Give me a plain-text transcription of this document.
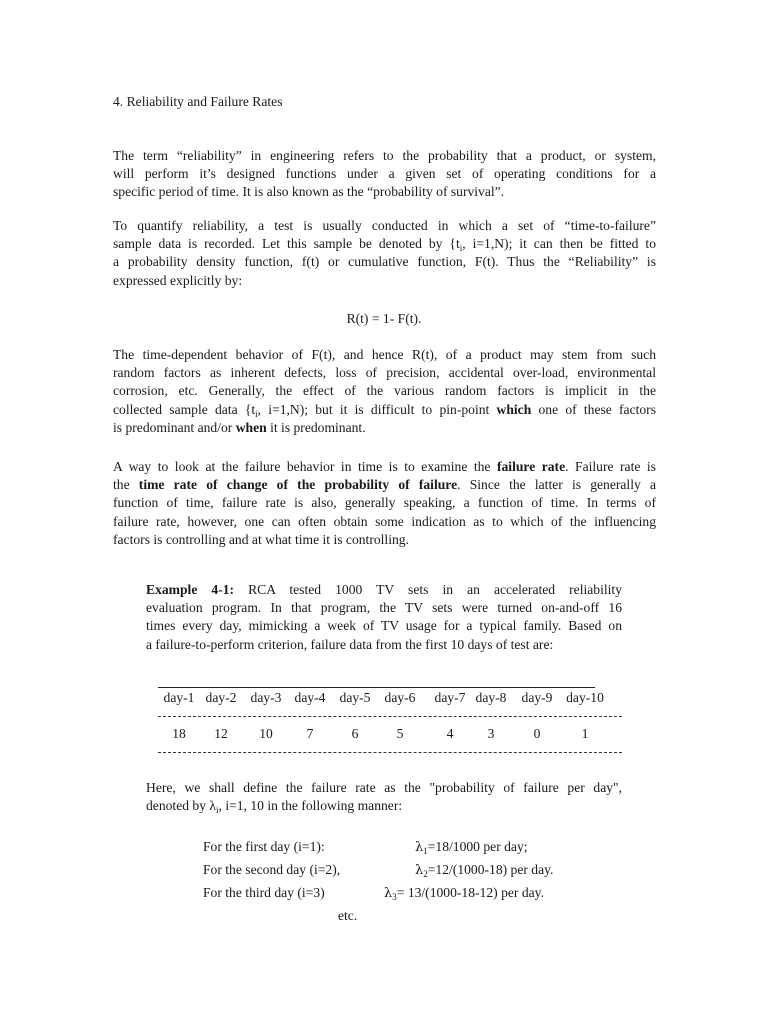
4. Reliability and Failure Rates
The term “reliability” in engineering refers to the probability that a product, or system,
will perform it’s designed functions under a given set of operating conditions for a
specific period of time. It is also known as the “probability of survival”.
To quantify reliability, a test is usually conducted in which a set of “time-to-failure”
sample data is recorded. Let this sample be denoted by {$t_i$, i=1,N); it can then be fitted to
a probability density function, f(t) or cumulative function, F(t). Thus the “Reliability” is
expressed explicitly by:
R(t) = 1- F(t).
The time-dependent behavior of F(t), and hence R(t), of a product may stem from such
random factors as inherent defects, loss of precision, accidental over-load, environmental
corrosion, etc. Generally, the effect of the various random factors is implicit in the
collected sample data {$t_i$, i=1,N); but it is difficult to pin-point which one of these factors
is predominant and/or when it is predominant.
A way to look at the failure behavior in time is to examine the failure rate. Failure rate is
the time rate of change of the probability of failure. Since the latter is generally a
function of time, failure rate is also, generally speaking, a function of time. In terms of
failure rate, however, one can often obtain some indication as to which of the influencing
factors is controlling and at what time it is controlling.
Example 4-1: RCA tested 1000 TV sets in an accelerated reliability
evaluation program. In that program, the TV sets were turned on-and-off 16
times every day, mimicking a week of TV usage for a typical family. Based on
a failure-to-perform criterion, failure data from the first 10 days of test are:
day-1 day-2	day-3 day-4	day-5	day-6	day-7 day-8	day-9	day-10
18	12	10	7	6	5	4	3	0	1
Here, we shall define the failure rate as the "probability of failure per day",
denoted by $\lambda_i$, i=1, 10 in the following manner:
For the first day (i=1):	$\lambda_1=18/1000$ per day;
For the second day (i=2),	$\lambda_2=12/(1000-18)$ per day.
For the third day (i=3)	$\lambda_3= 13/(1000-18-12)$ per day.
etc.
